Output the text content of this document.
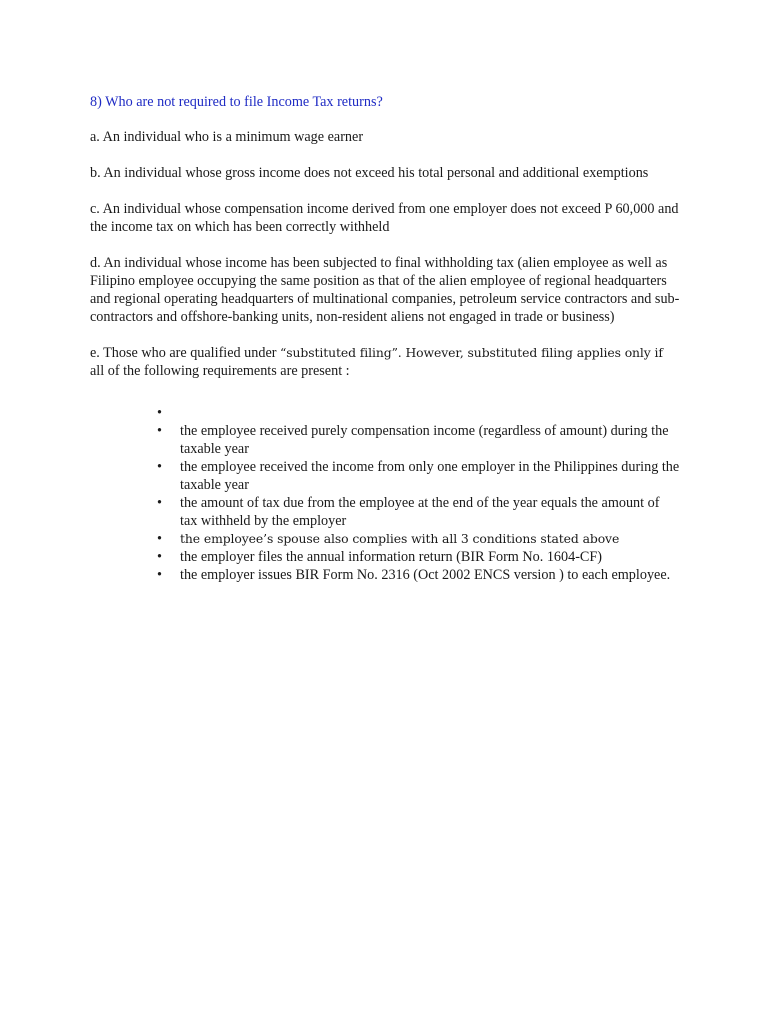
8) Who are not required to file Income Tax returns?

a. An individual who is a minimum wage earner

b. An individual whose gross income does not exceed his total personal and additional exemptions

c. An individual whose compensation income derived from one employer does not exceed P 60,000 and the income tax on which has been correctly withheld

d. An individual whose income has been subjected to final withholding tax (alien employee as well as Filipino employee occupying the same position as that of the alien employee of regional headquarters and regional operating headquarters of multinational companies, petroleum service contractors and sub-contractors and offshore-banking units, non-resident aliens not engaged in trade or business)

e. Those who are qualified under “substituted filing”. However, substituted filing applies only if
all of the following requirements are present :

•
• the employee received purely compensation income (regardless of amount) during the taxable year
• the employee received the income from only one employer in the Philippines during the taxable year
• the amount of tax due from the employee at the end of the year equals the amount of tax withheld by the employer
• the employee’s spouse also complies with all 3 conditions stated above
• the employer files the annual information return (BIR Form No. 1604-CF)
• the employer issues BIR Form No. 2316 (Oct 2002 ENCS version ) to each employee.
